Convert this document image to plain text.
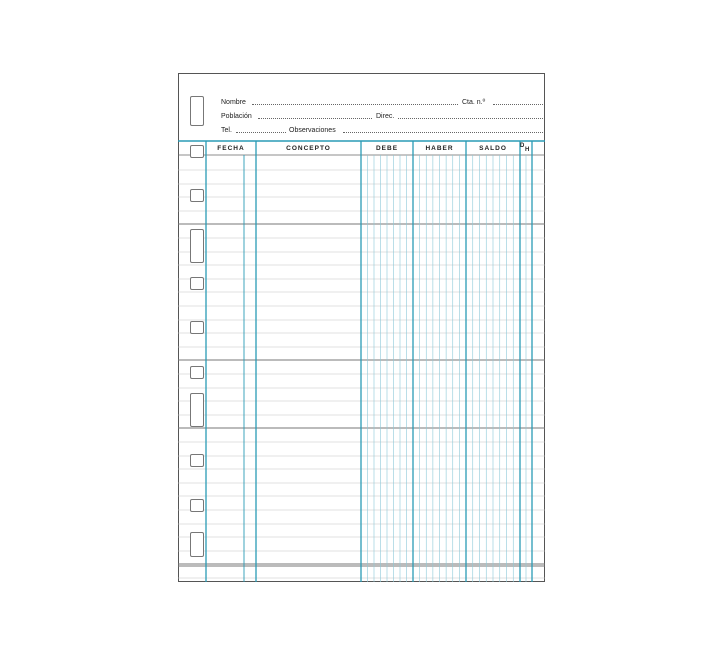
Nombre	Cta. n.º
Población	Direc.
Tel.	Observaciones
FECHA	CONCEPTO	DEBE	HABER	SALDO	D
H
